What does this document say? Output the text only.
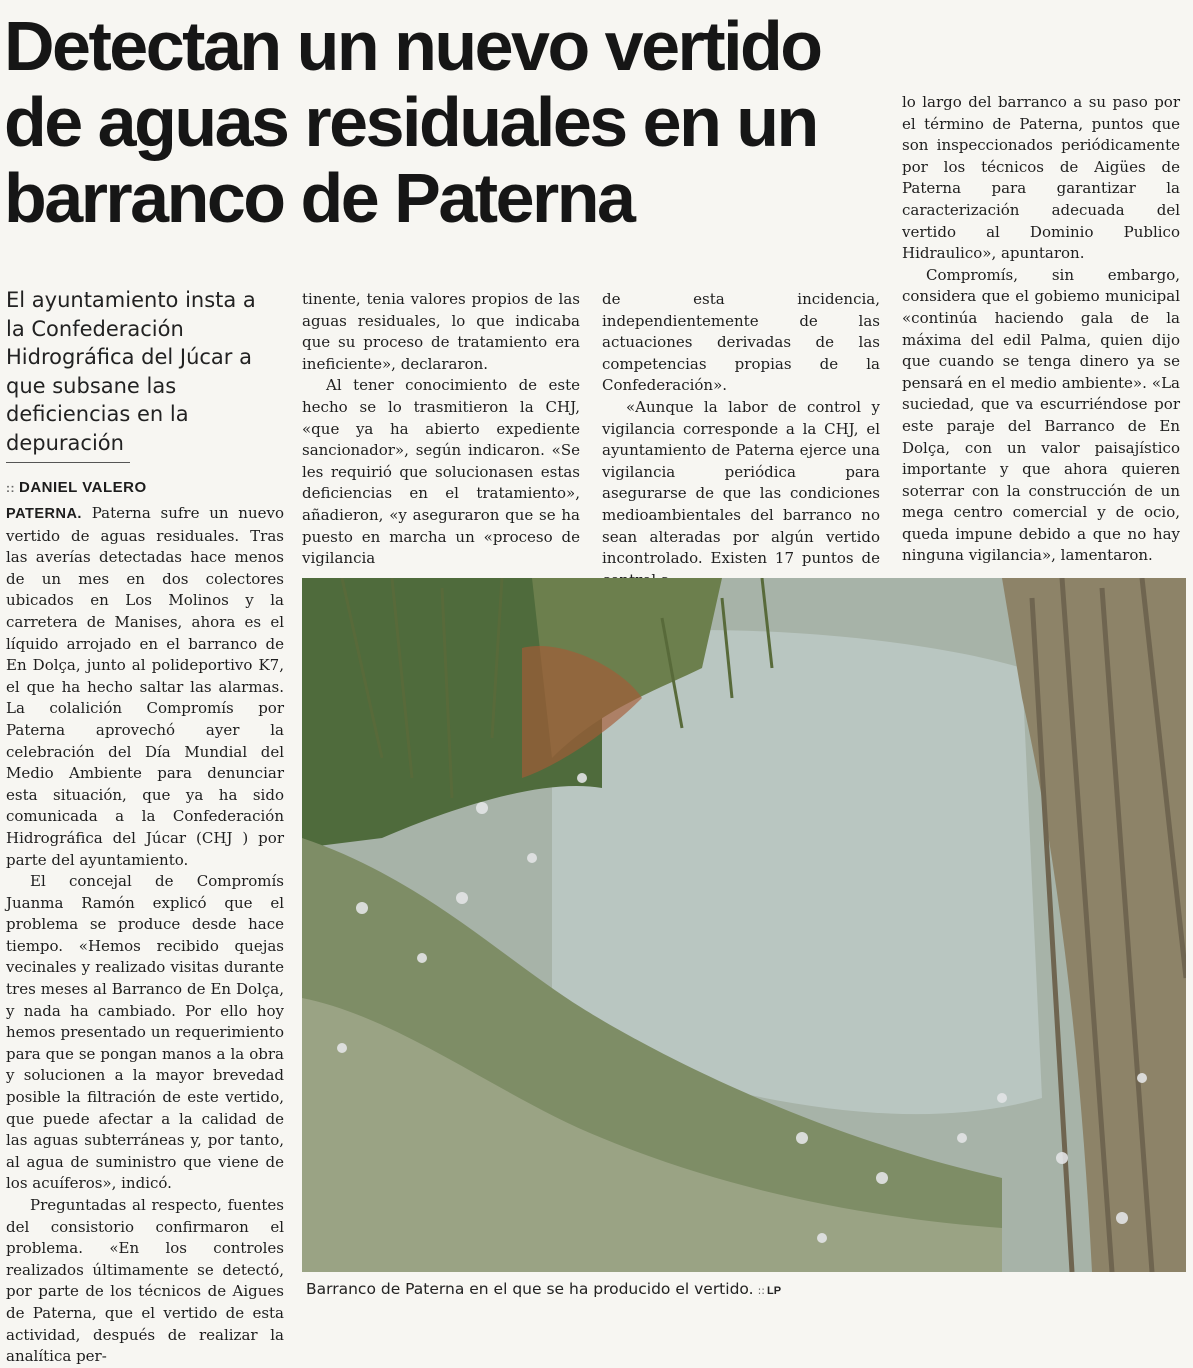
Detectan un nuevo vertido de aguas residuales en un barranco de Paterna
El ayuntamiento insta a la Confederación Hidrográfica del Júcar a que subsane las deficiencias en la depuración
:: DANIEL VALERO

PATERNA. Paterna sufre un nuevo vertido de aguas residuales. Tras las averías detectadas hace menos de un mes en dos colectores ubicados en Los Molinos y la carretera de Manises, ahora es el líquido arrojado en el barranco de En Dolça, junto al polideportivo K7, el que ha hecho saltar las alarmas. La colalición Compromís por Paterna aprovechó ayer la celebración del Día Mundial del Medio Ambiente para denunciar esta situación, que ya ha sido comunicada a la Confederación Hidrográfica del Júcar (CHJ ) por parte del ayuntamiento.

El concejal de Compromís Juanma Ramón explicó que el problema se produce desde hace tiempo. «Hemos recibido quejas vecinales y realizado visitas durante tres meses al Barranco de En Dolça, y nada ha cambiado. Por ello hoy hemos presentado un requerimiento para que se pongan manos a la obra y solucionen a la mayor brevedad posible la filtración de este vertido, que puede afectar a la calidad de las aguas subterráneas y, por tanto, al agua de suministro que viene de los acuíferos», indicó.

Preguntadas al respecto, fuentes del consistorio confirmaron el problema. «En los controles realizados últimamente se detectó, por parte de los técnicos de Aigues de Paterna, que el vertido de esta actividad, después de realizar la analítica per-

tinente, tenia valores propios de las aguas residuales, lo que indicaba que su proceso de tratamiento era ineficiente», declararon.

Al tener conocimiento de este hecho se lo trasmitieron la CHJ, «que ya ha abierto expediente sancionador», según indicaron. «Se les requirió que solucionasen estas deficiencias en el tratamiento», añadieron, «y aseguraron que se ha puesto en marcha un «proceso de vigilancia

de esta incidencia, independientemente de las actuaciones derivadas de las competencias propias de la Confederación».

«Aunque la labor de control y vigilancia corresponde a la CHJ, el ayuntamiento de Paterna ejerce una vigilancia periódica para asegurarse de que las condiciones medioambientales del barranco no sean alteradas por algún vertido incontrolado. Existen 17 puntos de

lo largo del barranco a su paso por el término de Paterna, puntos que son inspeccionados periódicamente por los técnicos de Aigües de Paterna para garantizar la caracterización adecuada del vertido al Dominio Publico Hidraulico», apuntaron.

Compromís, sin embargo, considera que el gobiemo municipal «continúa haciendo gala de la máxima del edil Palma, quien dijo que cuando se tenga dinero ya se pensará en el medio ambiente». «La suciedad, que va escurriéndose por este paraje del Barranco de En Dolça, con un valor paisajístico importante y que ahora quieren soterrar con la construcción de un mega centro comercial y de ocio, queda impune debido a que no hay ninguna vigilancia», lamentaron.

Barranco de Paterna en el que se ha producido el vertido. :: LP
